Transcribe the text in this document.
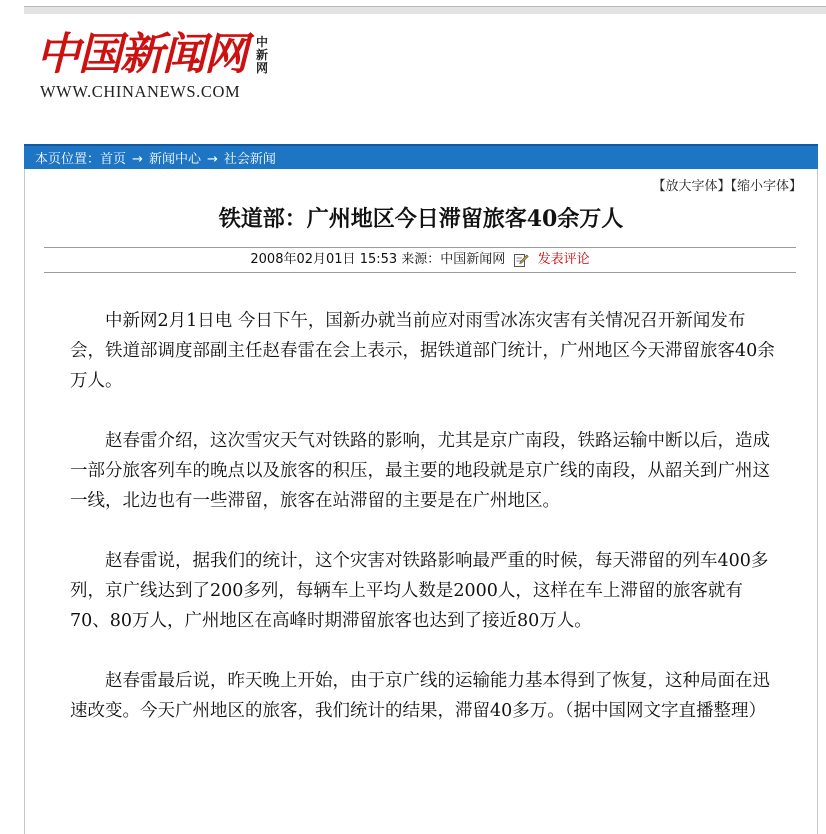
中国新闻网 中新网
WWW.CHINANEWS.COM
本页位置：首页 → 新闻中心 → 社会新闻
【放大字体】【缩小字体】
铁道部：广州地区今日滞留旅客40余万人
2008年02月01日 15:53 来源：中国新闻网 发表评论

中新网2月1日电 今日下午，国新办就当前应对雨雪冰冻灾害有关情况召开新闻发布会，铁道部调度部副主任赵春雷在会上表示，据铁道部门统计，广州地区今天滞留旅客40余万人。

赵春雷介绍，这次雪灾天气对铁路的影响，尤其是京广南段，铁路运输中断以后，造成一部分旅客列车的晚点以及旅客的积压，最主要的地段就是京广线的南段，从韶关到广州这一线，北边也有一些滞留，旅客在站滞留的主要是在广州地区。

赵春雷说，据我们的统计，这个灾害对铁路影响最严重的时候，每天滞留的列车400多列，京广线达到了200多列，每辆车上平均人数是2000人，这样在车上滞留的旅客就有70、80万人，广州地区在高峰时期滞留旅客也达到了接近80万人。

赵春雷最后说，昨天晚上开始，由于京广线的运输能力基本得到了恢复，这种局面在迅速改变。今天广州地区的旅客，我们统计的结果，滞留40多万。（据中国网文字直播整理）
